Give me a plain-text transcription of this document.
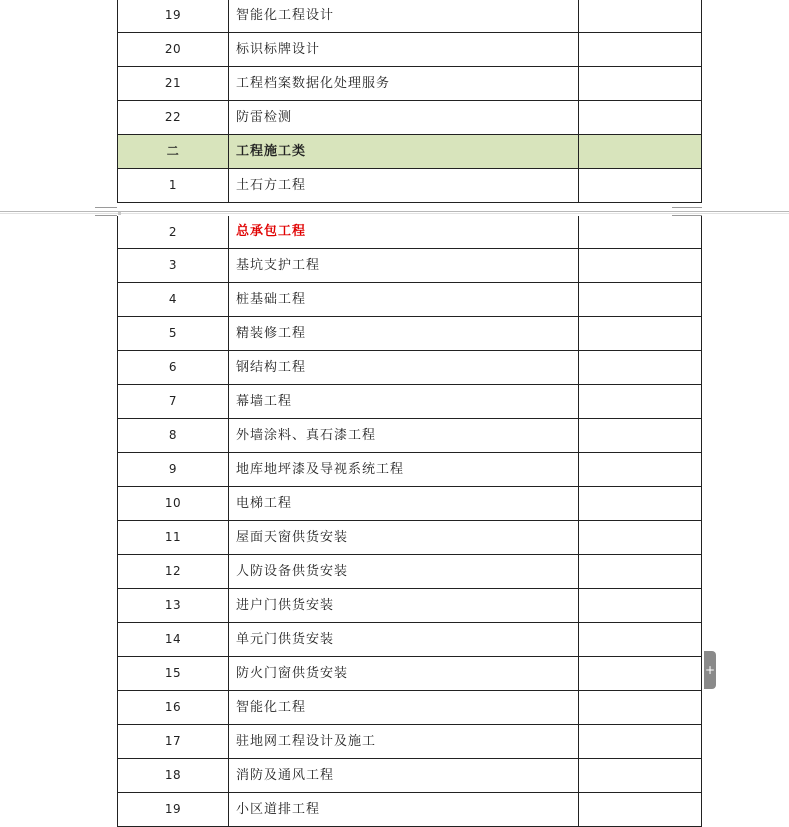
19	智能化工程设计	
20	标识标牌设计	
21	工程档案数据化处理服务	
22	防雷检测	
二	工程施工类	
1	土石方工程	
2	总承包工程	
3	基坑支护工程	
4	桩基础工程	
5	精装修工程	
6	钢结构工程	
7	幕墙工程	
8	外墙涂料、真石漆工程	
9	地库地坪漆及导视系统工程	
10	电梯工程	
11	屋面天窗供货安装	
12	人防设备供货安装	
13	进户门供货安装	
14	单元门供货安装	
15	防火门窗供货安装	
16	智能化工程	
17	驻地网工程设计及施工	
18	消防及通风工程	
19	小区道排工程	
+
